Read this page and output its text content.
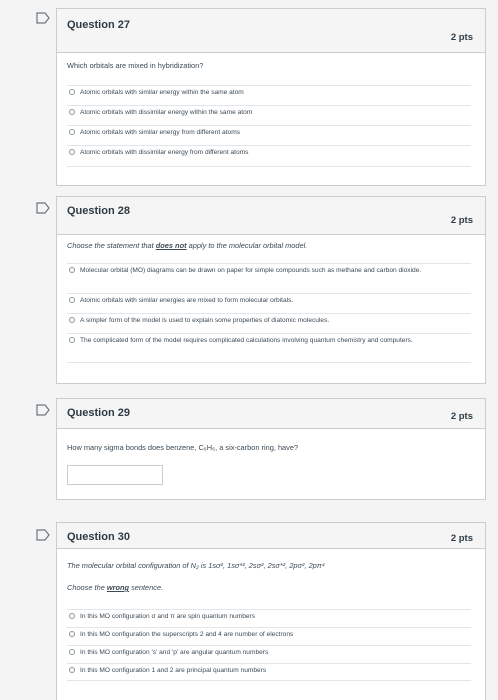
Question 27
2 pts
Which orbitals are mixed in hybridization?
Atomic orbitals with similar energy within the same atom
Atomic orbitals with dissimilar energy within the same atom
Atomic orbitals with similar energy from different atoms
Atomic orbitals with dissimilar energy from different atoms
Question 28
2 pts
Choose the statement that does not apply to the molecular orbital model.
Molecular orbital (MO) diagrams can be drawn on paper for simple compounds such as methane and carbon dioxide.
Atomic orbitals with similar energies are mixed to form molecular orbitals.
A simpler form of the model is used to explain some properties of diatomic molecules.
The complicated form of the model requires complicated calculations involving quantum chemistry and computers.
Question 29	2 pts
How many sigma bonds does benzene, C₆H₆, a six-carbon ring, have?
Question 30	2 pts
The molecular orbital configuration of N₂ is 1sσ², 1sσ*², 2sσ², 2sσ*², 2pσ², 2pπ⁴
Choose the wrong sentence.
In this MO configuration σ and π are spin quantum numbers
In this MO configuration the superscripts 2 and 4 are number of electrons
In this MO configuration 's' and 'p' are angular quantum numbers
In this MO configuration 1 and 2 are principal quantum numbers
